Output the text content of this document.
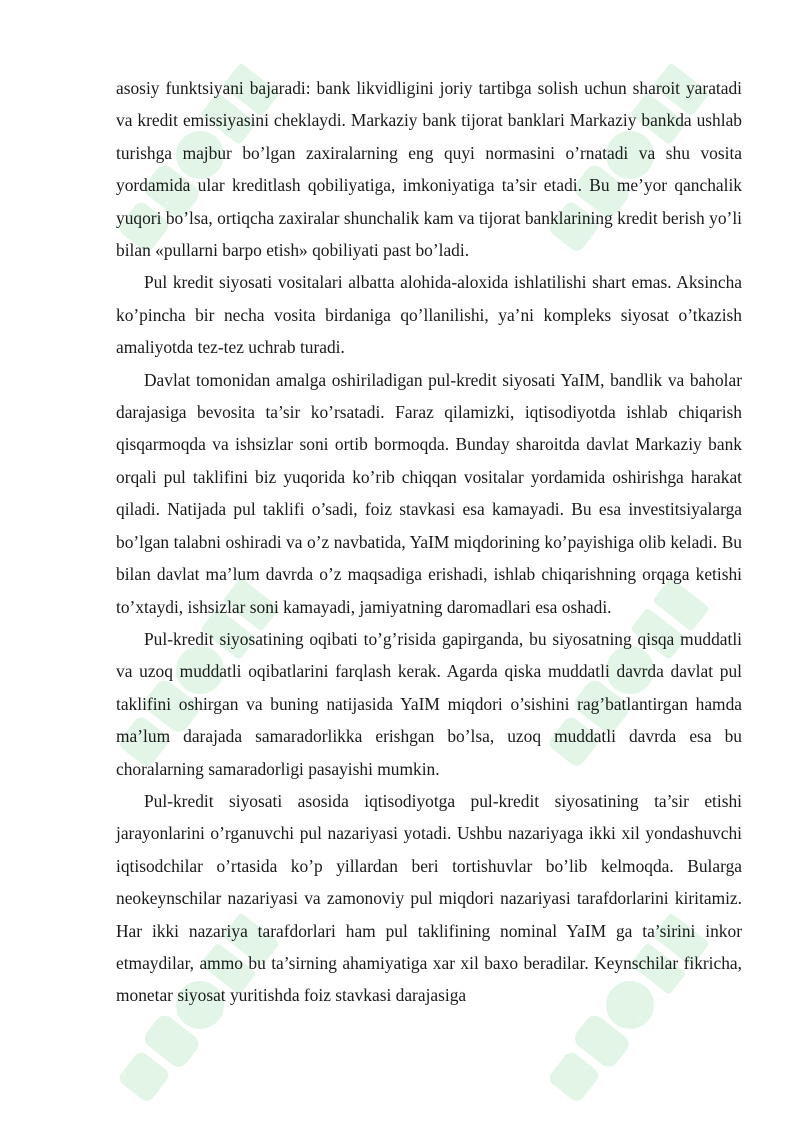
asosiy funktsiyani bajaradi: bank likvidligini joriy tartibga solish uchun sharoit yaratadi va kredit emissiyasini cheklaydi. Markaziy bank tijorat banklari Markaziy bankda ushlab turishga majbur bo’lgan zaxiralarning eng quyi normasini o’rnatadi va shu vosita yordamida ular kreditlash qobiliyatiga, imkoniyatiga ta’sir etadi. Bu me’yor qanchalik yuqori bo’lsa, ortiqcha zaxiralar shunchalik kam va tijorat banklarining kredit berish yo’li bilan «pullarni barpo etish» qobiliyati past bo’ladi.

Pul kredit siyosati vositalari albatta alohida-aloxida ishlatilishi shart emas. Aksincha ko’pincha bir necha vosita birdaniga qo’llanilishi, ya’ni kompleks siyosat o’tkazish amaliyotda tez-tez uchrab turadi.

Davlat tomonidan amalga oshiriladigan pul-kredit siyosati YaIM, bandlik va baholar darajasiga bevosita ta’sir ko’rsatadi. Faraz qilamizki, iqtisodiyotda ishlab chiqarish qisqarmoqda va ishsizlar soni ortib bormoqda. Bunday sharoitda davlat Markaziy bank orqali pul taklifini biz yuqorida ko’rib chiqqan vositalar yordamida oshirishga harakat qiladi. Natijada pul taklifi o’sadi, foiz stavkasi esa kamayadi. Bu esa investitsiyalarga bo’lgan talabni oshiradi va o’z navbatida, YaIM miqdorining ko’payishiga olib keladi. Bu bilan davlat ma’lum davrda o’z maqsadiga erishadi, ishlab chiqarishning orqaga ketishi to’xtaydi, ishsizlar soni kamayadi, jamiyatning daromadlari esa oshadi.

Pul-kredit siyosatining oqibati to’g’risida gapirganda, bu siyosatning qisqa muddatli va uzoq muddatli oqibatlarini farqlash kerak. Agarda qiska muddatli davrda davlat pul taklifini oshirgan va buning natijasida YaIM miqdori o’sishini rag’batlantirgan hamda ma’lum darajada samaradorlikka erishgan bo’lsa, uzoq muddatli davrda esa bu choralarning samaradorligi pasayishi mumkin.

Pul-kredit siyosati asosida iqtisodiyotga pul-kredit siyosatining ta’sir etishi jarayonlarini o’rganuvchi pul nazariyasi yotadi. Ushbu nazariyaga ikki xil yondashuvchi iqtisodchilar o’rtasida ko’p yillardan beri tortishuvlar bo’lib kelmoqda. Bularga neokeynschilar nazariyasi va zamonoviy pul miqdori nazariyasi tarafdorlarini kiritamiz. Har ikki nazariya tarafdorlari ham pul taklifining nominal YaIM ga ta’sirini inkor etmaydilar, ammo bu ta’sirning ahamiyatiga xar xil baxo beradilar. Keynschilar fikricha, monetar siyosat yuritishda foiz stavkasi darajasiga
